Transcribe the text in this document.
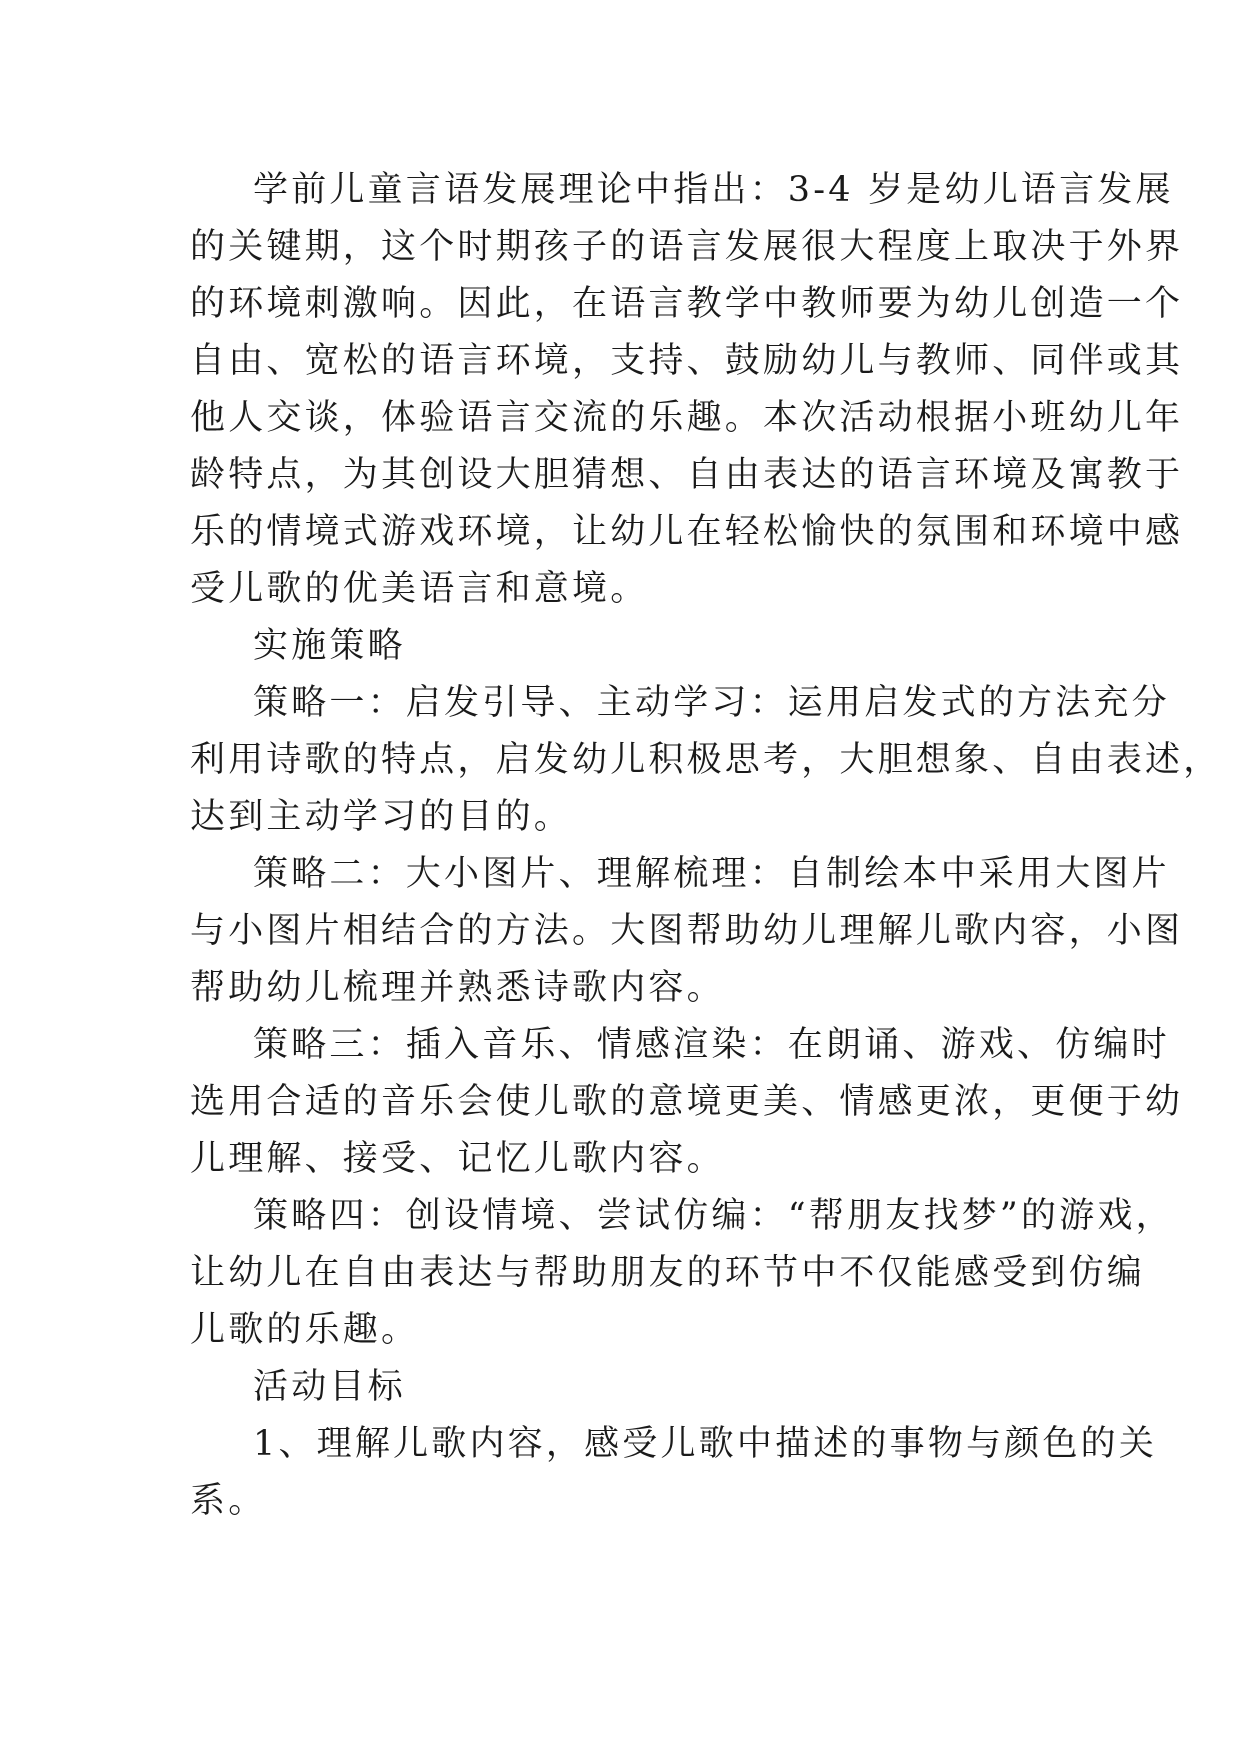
学前儿童言语发展理论中指出：3-4 岁是幼儿语言发展
的关键期，这个时期孩子的语言发展很大程度上取决于外界
的环境刺激响。因此，在语言教学中教师要为幼儿创造一个
自由、宽松的语言环境，支持、鼓励幼儿与教师、同伴或其
他人交谈，体验语言交流的乐趣。本次活动根据小班幼儿年
龄特点，为其创设大胆猜想、自由表达的语言环境及寓教于
乐的情境式游戏环境，让幼儿在轻松愉快的氛围和环境中感
受儿歌的优美语言和意境。
实施策略
策略一：启发引导、主动学习：运用启发式的方法充分
利用诗歌的特点，启发幼儿积极思考，大胆想象、自由表述，
达到主动学习的目的。
策略二：大小图片、理解梳理：自制绘本中采用大图片
与小图片相结合的方法。大图帮助幼儿理解儿歌内容，小图
帮助幼儿梳理并熟悉诗歌内容。
策略三：插入音乐、情感渲染：在朗诵、游戏、仿编时
选用合适的音乐会使儿歌的意境更美、情感更浓，更便于幼
儿理解、接受、记忆儿歌内容。
策略四：创设情境、尝试仿编：“帮朋友找梦”的游戏，
让幼儿在自由表达与帮助朋友的环节中不仅能感受到仿编
儿歌的乐趣。
活动目标
1、理解儿歌内容，感受儿歌中描述的事物与颜色的关
系。
